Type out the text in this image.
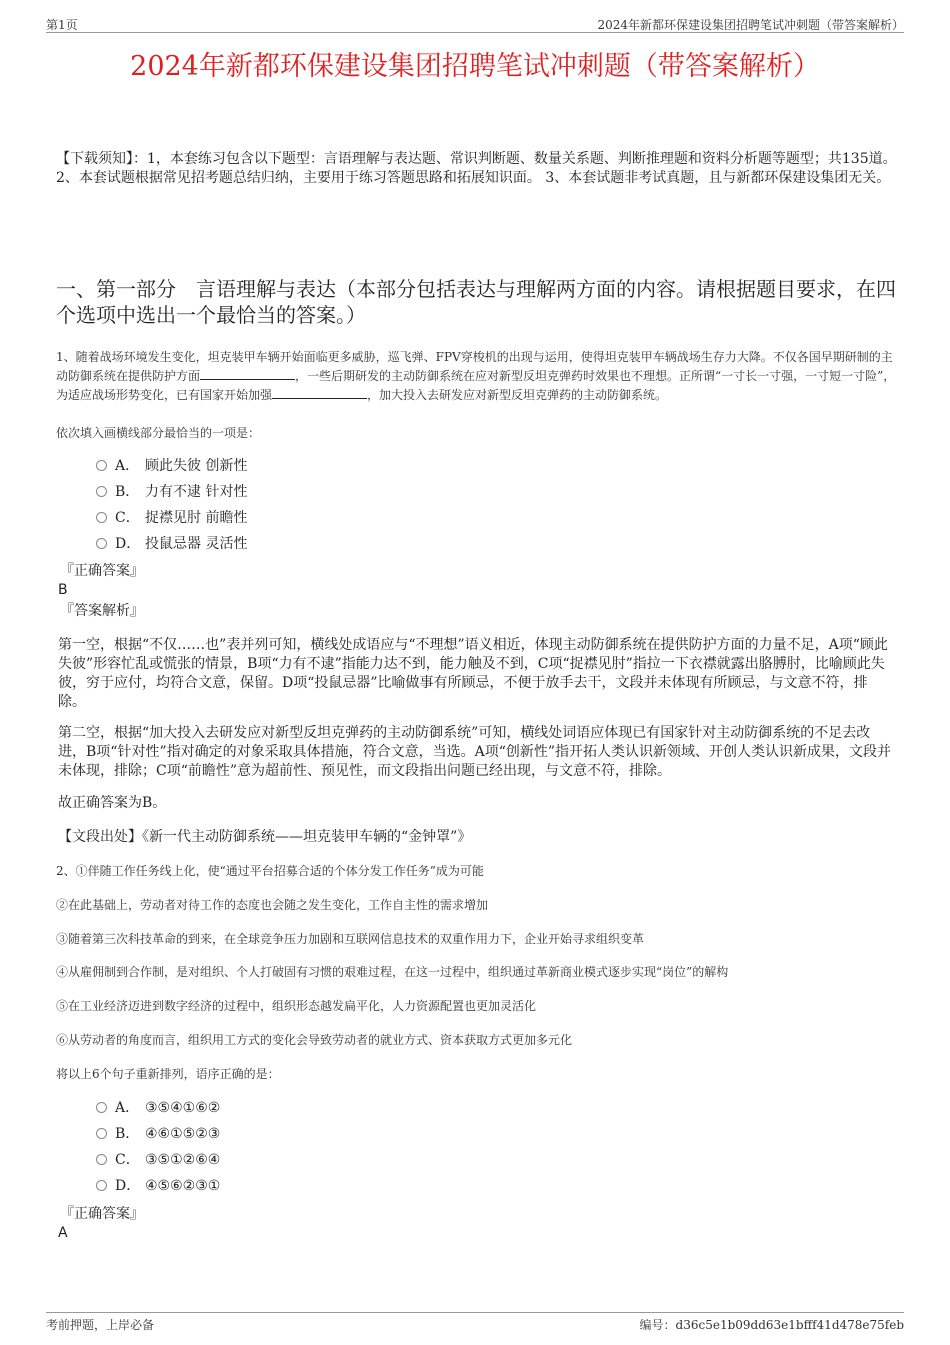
第1页	2024年新都环保建设集团招聘笔试冲刺题（带答案解析）
2024年新都环保建设集团招聘笔试冲刺题（带答案解析）
【下载须知】：1，本套练习包含以下题型：言语理解与表达题、常识判断题、数量关系题、判断推理题和资料分析题等题型；共135道。 2、本套试题根据常见招考题总结归纳，主要用于练习答题思路和拓展知识面。 3、本套试题非考试真题，且与新都环保建设集团无关。
一、第一部分　言语理解与表达（本部分包括表达与理解两方面的内容。请根据题目要求，在四个选项中选出一个最恰当的答案。）
1、随着战场环境发生变化，坦克装甲车辆开始面临更多威胁，巡飞弹、FPV穿梭机的出现与运用，使得坦克装甲车辆战场生存力大降。不仅各国早期研制的主动防御系统在提供防护方面	，一些后期研发的主动防御系统在应对新型反坦克弹药时效果也不理想。正所谓“一寸长一寸强，一寸短一寸险”，为适应战场形势变化，已有国家开始加强	，加大投入去研发应对新型反坦克弹药的主动防御系统。
依次填入画横线部分最恰当的一项是：
A． 顾此失彼 创新性
B． 力有不逮 针对性
C． 捉襟见肘 前瞻性
D． 投鼠忌器 灵活性
『正确答案』
B
『答案解析』
第一空，根据“不仅……也”表并列可知，横线处成语应与“不理想”语义相近，体现主动防御系统在提供防护方面的力量不足，A项“顾此失彼”形容忙乱或慌张的情景，B项“力有不逮”指能力达不到，能力触及不到，C项“捉襟见肘”指拉一下衣襟就露出胳膊肘，比喻顾此失彼，穷于应付，均符合文意，保留。D项“投鼠忌器”比喻做事有所顾忌，不便于放手去干，文段并未体现有所顾忌，与文意不符，排除。
第二空，根据“加大投入去研发应对新型反坦克弹药的主动防御系统”可知，横线处词语应体现已有国家针对主动防御系统的不足去改进，B项“针对性”指对确定的对象采取具体措施，符合文意，当选。A项“创新性”指开拓人类认识新领域、开创人类认识新成果，文段并未体现，排除；C项“前瞻性”意为超前性、预见性，而文段指出问题已经出现，与文意不符，排除。
故正确答案为B。
【文段出处】《新一代主动防御系统——坦克装甲车辆的“金钟罩”》
2、①伴随工作任务线上化，使“通过平台招募合适的个体分发工作任务”成为可能
②在此基础上，劳动者对待工作的态度也会随之发生变化，工作自主性的需求增加
③随着第三次科技革命的到来，在全球竞争压力加剧和互联网信息技术的双重作用力下，企业开始寻求组织变革
④从雇佣制到合作制，是对组织、个人打破固有习惯的艰难过程，在这一过程中，组织通过革新商业模式逐步实现“岗位”的解构
⑤在工业经济迈进到数字经济的过程中，组织形态越发扁平化，人力资源配置也更加灵活化
⑥从劳动者的角度而言，组织用工方式的变化会导致劳动者的就业方式、资本获取方式更加多元化
将以上6个句子重新排列，语序正确的是：
A． ③⑤④①⑥②
B． ④⑥①⑤②③
C． ③⑤①②⑥④
D． ④⑤⑥②③①
『正确答案』
A
考前押题，上岸必备	编号：d36c5e1b09dd63e1bfff41d478e75feb
